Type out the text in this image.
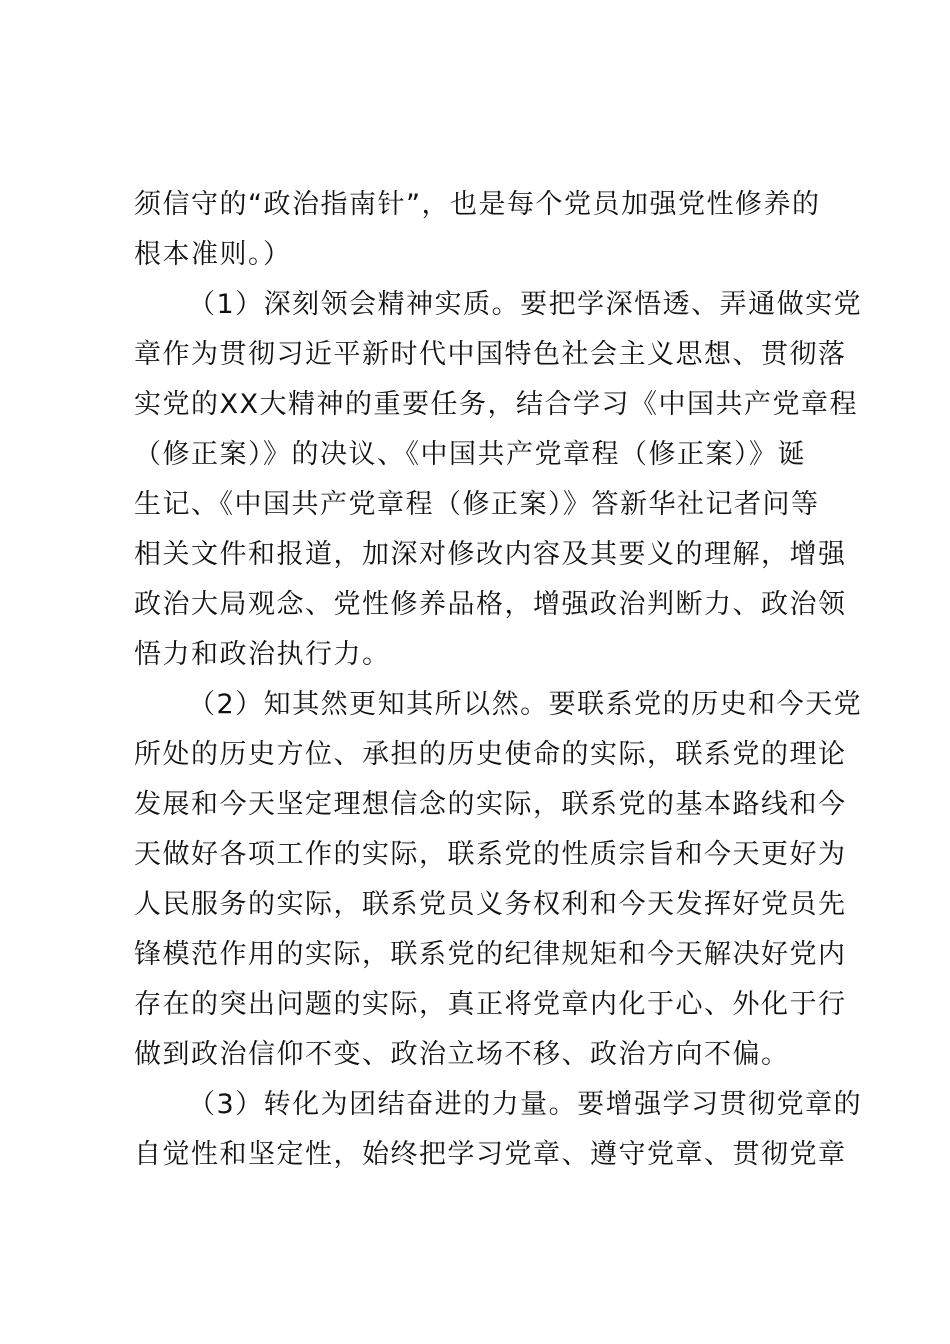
须信守的“政治指南针”，也是每个党员加强党性修养的
根本准则。）
（1）深刻领会精神实质。要把学深悟透、弄通做实党
章作为贯彻习近平新时代中国特色社会主义思想、贯彻落
实党的XX大精神的重要任务，结合学习《中国共产党章程
（修正案）》的决议、《中国共产党章程（修正案）》诞
生记、《中国共产党章程（修正案）》答新华社记者问等
相关文件和报道，加深对修改内容及其要义的理解，增强
政治大局观念、党性修养品格，增强政治判断力、政治领
悟力和政治执行力。
（2）知其然更知其所以然。要联系党的历史和今天党
所处的历史方位、承担的历史使命的实际，联系党的理论
发展和今天坚定理想信念的实际，联系党的基本路线和今
天做好各项工作的实际，联系党的性质宗旨和今天更好为
人民服务的实际，联系党员义务权利和今天发挥好党员先
锋模范作用的实际，联系党的纪律规矩和今天解决好党内
存在的突出问题的实际，真正将党章内化于心、外化于行
做到政治信仰不变、政治立场不移、政治方向不偏。
（3）转化为团结奋进的力量。要增强学习贯彻党章的
自觉性和坚定性，始终把学习党章、遵守党章、贯彻党章
